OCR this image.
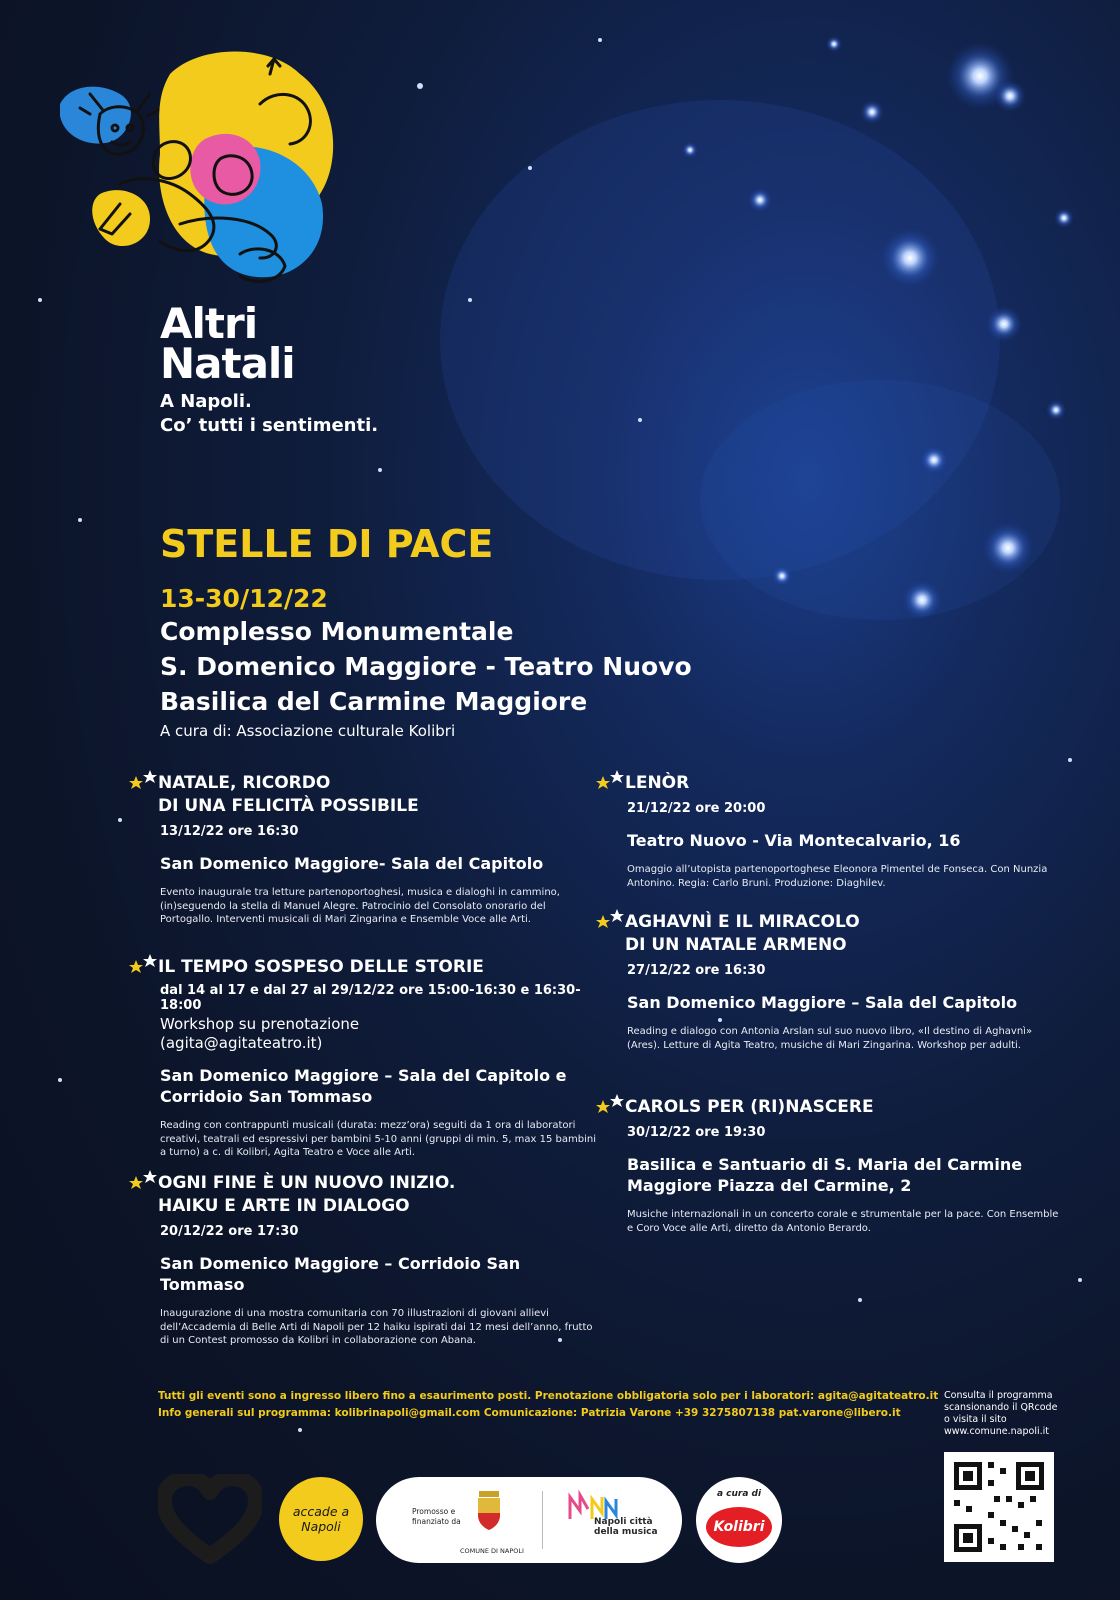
Altri
Natali
A Napoli.
Co’ tutti i sentimenti.
STELLE DI PACE
13-30/12/22
Complesso Monumentale
S. Domenico Maggiore - Teatro Nuovo
Basilica del Carmine Maggiore
A cura di: Associazione culturale Kolibri
NATALE, RICORDO
DI UNA FELICITÀ POSSIBILE
13/12/22 ore 16:30
San Domenico Maggiore- Sala del Capitolo
Evento inaugurale tra letture partenoportoghesi, musica e dialoghi in cammino, (in)seguendo la stella di Manuel Alegre. Patrocinio del Consolato onorario del Portogallo. Interventi musicali di Mari Zingarina e Ensemble Voce alle Arti.
IL TEMPO SOSPESO DELLE STORIE
dal 14 al 17 e dal 27 al 29/12/22 ore 15:00-16:30 e 16:30-18:00
Workshop su prenotazione
(agita@agitateatro.it)
San Domenico Maggiore – Sala del Capitolo e
Corridoio San Tommaso
Reading con contrappunti musicali (durata: mezz’ora) seguiti da 1 ora di laboratori creativi, teatrali ed espressivi per bambini 5-10 anni (gruppi di min. 5, max 15 bambini a turno) a c. di Kolibri, Agita Teatro e Voce alle Arti.
OGNI FINE È UN NUOVO INIZIO.
HAIKU E ARTE IN DIALOGO
20/12/22 ore 17:30
San Domenico Maggiore – Corridoio San Tommaso
Inaugurazione di una mostra comunitaria con 70 illustrazioni di giovani allievi dell’Accademia di Belle Arti di Napoli per 12 haiku ispirati dai 12 mesi dell’anno, frutto di un Contest promosso da Kolibri in collaborazione con Abana.
LENÒR
21/12/22 ore 20:00
Teatro Nuovo - Via Montecalvario, 16
Omaggio all’utopista partenoportoghese Eleonora Pimentel de Fonseca. Con Nunzia Antonino. Regia: Carlo Bruni. Produzione: Diaghilev.
AGHAVNÌ E IL MIRACOLO
DI UN NATALE ARMENO
27/12/22 ore 16:30
San Domenico Maggiore – Sala del Capitolo
Reading e dialogo con Antonia Arslan sul suo nuovo libro, «Il destino di Aghavnì» (Ares). Letture di Agita Teatro, musiche di Mari Zingarina. Workshop per adulti.
CAROLS PER (RI)NASCERE
30/12/22 ore 19:30
Basilica e Santuario di S. Maria del Carmine
Maggiore Piazza del Carmine, 2
Musiche internazionali in un concerto corale e strumentale per la pace. Con Ensemble e Coro Voce alle Arti, diretto da Antonio Berardo.
Tutti gli eventi sono a ingresso libero fino a esaurimento posti. Prenotazione obbligatoria solo per i laboratori: agita@agitateatro.it
Info generali sul programma: kolibrinapoli@gmail.com Comunicazione: Patrizia Varone +39 3275807138 pat.varone@libero.it
Consulta il programma
scansionando il QRcode
o visita il sito
www.comune.napoli.it
accade a Napoli
Promosso e finanziato da
COMUNE DI NAPOLI
Napoli città della musica
a cura di
Kolibri
